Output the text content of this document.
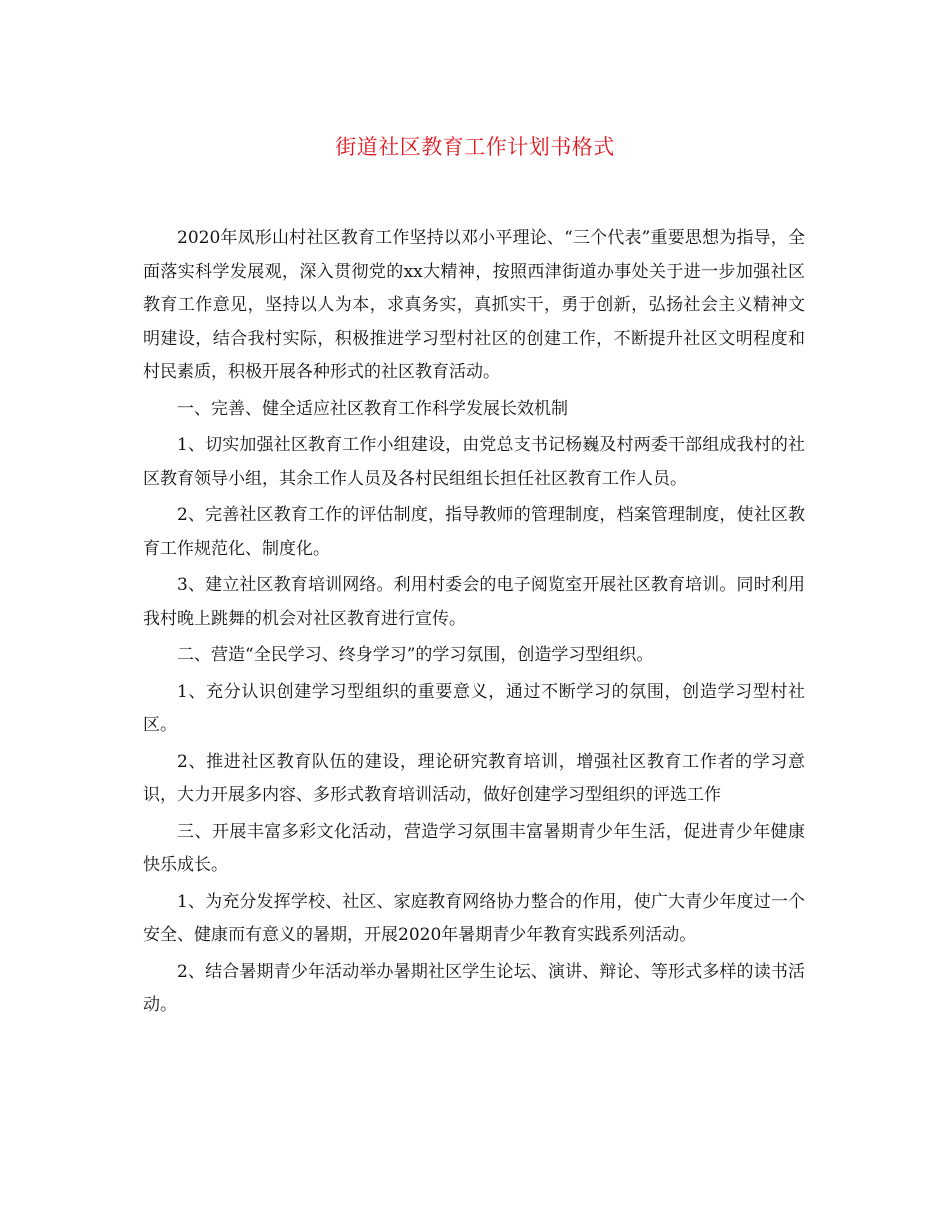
街道社区教育工作计划书格式

2020年凤形山村社区教育工作坚持以邓小平理论、“三个代表”重要思想为指导，全面落实科学发展观，深入贯彻党的xx大精神，按照西津街道办事处关于进一步加强社区教育工作意见，坚持以人为本，求真务实，真抓实干，勇于创新，弘扬社会主义精神文明建设，结合我村实际，积极推进学习型村社区的创建工作，不断提升社区文明程度和村民素质，积极开展各种形式的社区教育活动。

一、完善、健全适应社区教育工作科学发展长效机制

1、切实加强社区教育工作小组建设，由党总支书记杨巍及村两委干部组成我村的社区教育领导小组，其余工作人员及各村民组组长担任社区教育工作人员。

2、完善社区教育工作的评估制度，指导教师的管理制度，档案管理制度，使社区教育工作规范化、制度化。

3、建立社区教育培训网络。利用村委会的电子阅览室开展社区教育培训。同时利用我村晚上跳舞的机会对社区教育进行宣传。

二、营造“全民学习、终身学习”的学习氛围，创造学习型组织。

1、充分认识创建学习型组织的重要意义，通过不断学习的氛围，创造学习型村社区。

2、推进社区教育队伍的建设，理论研究教育培训，增强社区教育工作者的学习意识，大力开展多内容、多形式教育培训活动，做好创建学习型组织的评选工作

三、开展丰富多彩文化活动，营造学习氛围丰富暑期青少年生活，促进青少年健康快乐成长。

1、为充分发挥学校、社区、家庭教育网络协力整合的作用，使广大青少年度过一个安全、健康而有意义的暑期，开展2020年暑期青少年教育实践系列活动。

2、结合暑期青少年活动举办暑期社区学生论坛、演讲、辩论、等形式多样的读书活动。
